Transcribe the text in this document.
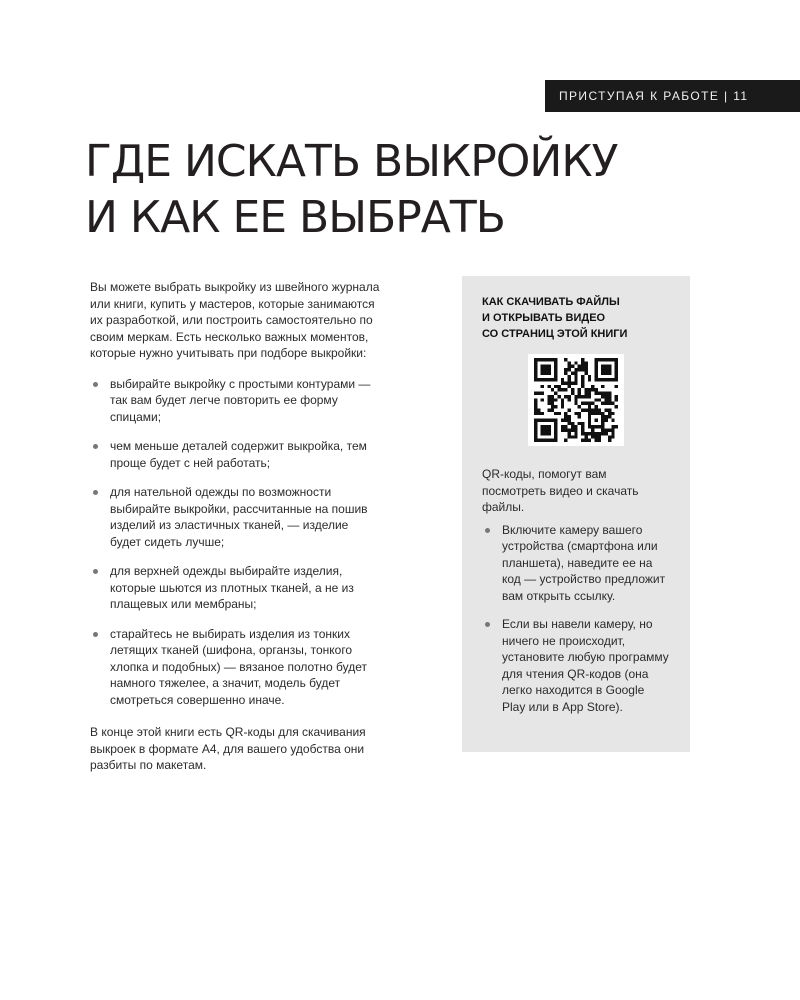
ПРИСТУПАЯ К РАБОТЕ | 11
ГДЕ ИСКАТЬ ВЫКРОЙКУ
И КАК ЕЕ ВЫБРАТЬ

Вы можете выбрать выкройку из швейного журнала или книги, купить у мастеров, которые занимаются их разработкой, или построить самостоятельно по своим меркам. Есть несколько важных моментов, которые нужно учитывать при подборе выкройки:

выбирайте выкройку с простыми контурами — так вам будет легче повторить ее форму спицами;
чем меньше деталей содержит выкройка, тем проще будет с ней работать;
для нательной одежды по возможности выбирайте выкройки, рассчитанные на пошив изделий из эластичных тканей, — изделие будет сидеть лучше;
для верхней одежды выбирайте изделия, которые шьются из плотных тканей, а не из плащевых или мембраны;
старайтесь не выбирать изделия из тонких летящих тканей (шифона, органзы, тонкого хлопка и подобных) — вязаное полотно будет намного тяжелее, а значит, модель будет смотреться совершенно иначе.

В конце этой книги есть QR-коды для скачивания выкроек в формате A4, для вашего удобства они разбиты по макетам.

КАК СКАЧИВАТЬ ФАЙЛЫ
И ОТКРЫВАТЬ ВИДЕО
СО СТРАНИЦ ЭТОЙ КНИГИ

QR-коды, помогут вам посмотреть видео и скачать файлы.

Включите камеру вашего устройства (смартфона или планшета), наведите ее на код — устройство предложит вам открыть ссылку.
Если вы навели камеру, но ничего не происходит, установите любую программу для чтения QR-кодов (она легко находится в Google Play или в App Store).
